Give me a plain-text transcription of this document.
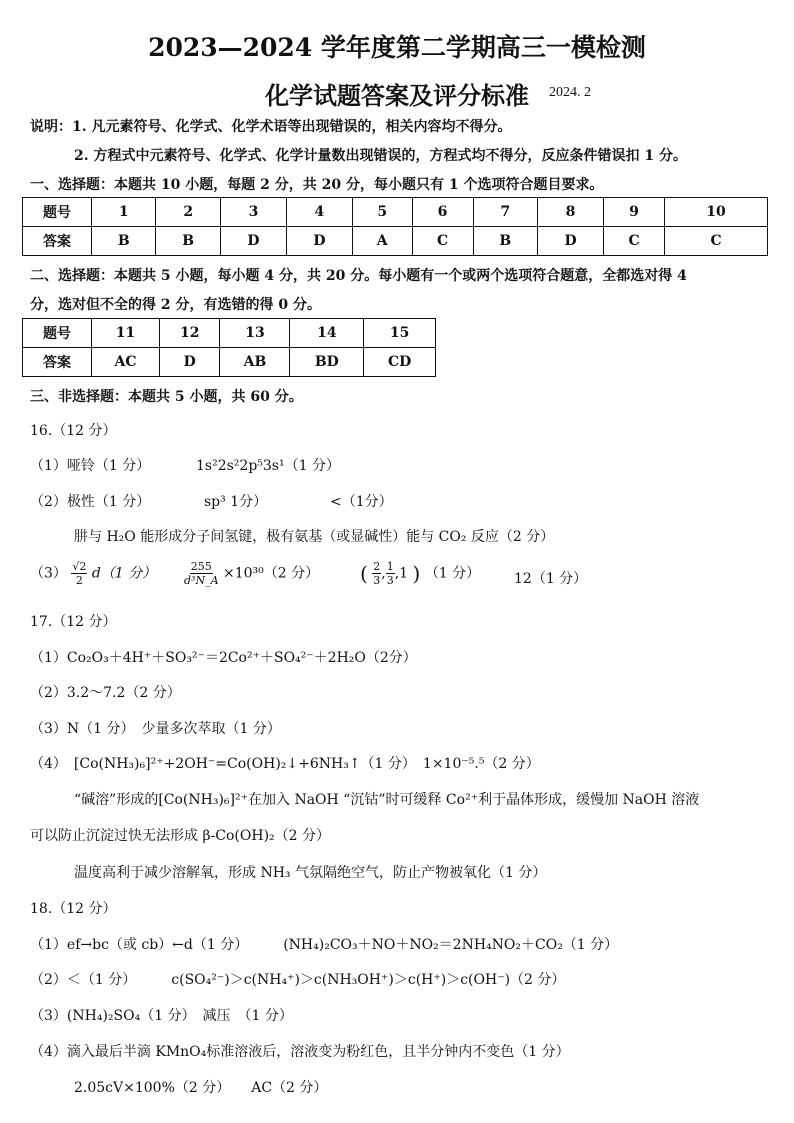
2023—2024 学年度第二学期高三一模检测
化学试题答案及评分标准 2024. 2
说明：1. 凡元素符号、化学式、化学术语等出现错误的，相关内容均不得分。
2. 方程式中元素符号、化学式、化学计量数出现错误的，方程式均不得分，反应条件错误扣 1 分。
一、选择题：本题共 10 小题，每题 2 分，共 20 分，每小题只有 1 个选项符合题目要求。
题号	1	2	3	4	5	6	7	8	9	10
答案	B	B	D	D	A	C	B	D	C	C
二、选择题：本题共 5 小题，每小题 4 分，共 20 分。每小题有一个或两个选项符合题意，全都选对得 4
分，选对但不全的得 2 分，有选错的得 0 分。
题号	11	12	13	14	15
答案	AC	D	AB	BD	CD
三、非选择题：本题共 5 小题，共 60 分。
16.（12 分）
（1）哑铃（1 分）	1s²2s²2p⁵3s¹（1 分）
（2）极性（1 分）	sp³ 1分）	<（1分）
肼与 H₂O 能形成分子间氢键，极有氨基（或显碱性）能与 CO₂ 反应（2 分）
$(3) \frac{√2}{2} d(1$ 分）	$\frac{255}{\text{d³N\_A}} \times 10^{30}(2$ 分） ( $\frac{2}{3}$ , $\frac{1}{3} ,1$ ) （1 分） 12（1 分）
17.（12 分）
（1）Co₂O₃＋4H⁺＋SO₃²⁻＝2Co²⁺＋SO₄²⁻＋2H₂O（2分）
（2）3.2～7.2（2 分）
（3）N（1 分）　少量多次萃取（1 分）
（4）　[Co(NH₃)₆]²⁺+2OH⁻=Co(OH)₂↓+6NH₃↑（1 分）　1×10⁻⁵.⁵（2 分）
“碱溶”形成的[Co(NH₃)₆]²⁺在加入 NaOH “沉钴”时可缓释 Co²⁺利于晶体形成，缓慢加 NaOH 溶液
可以防止沉淀过快无法形成 β-Co(OH)₂（2 分）
温度高利于减少溶解氧，形成 NH₃ 气氛隔绝空气，防止产物被氧化（1 分）
18.（12 分）
（1）ef→bc（或 cb）←d（1 分）　　　(NH₄)₂CO₃＋NO＋NO₂＝2NH₄NO₂＋CO₂（1 分）
（2）＜（1 分）　　　c(SO₄²⁻)＞c(NH₄⁺)＞c(NH₃OH⁺)＞c(H⁺)＞c(OH⁻)（2 分）
（3）(NH₄)₂SO₄（1 分）　减压　（1 分）
（4）滴入最后半滴 KMnO₄标准溶液后，溶液变为粉红色，且半分钟内不变色（1 分）
2.05cV×100%（2 分）　　AC（2 分）
